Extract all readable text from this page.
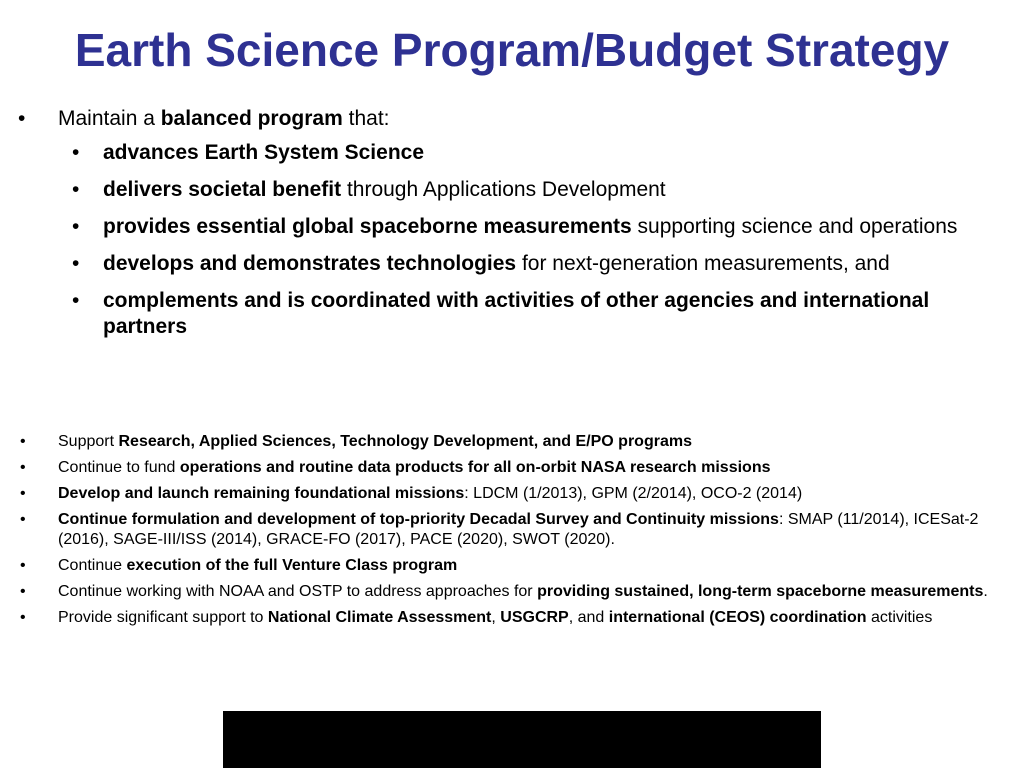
Earth Science Program/Budget Strategy
• Maintain a balanced program that:
• advances Earth System Science
• delivers societal benefit through Applications Development
• provides essential global spaceborne measurements supporting science and operations
• develops and demonstrates technologies for next-generation measurements, and
• complements and is coordinated with activities of other agencies and international partners
• Support Research, Applied Sciences, Technology Development, and E/PO programs
• Continue to fund operations and routine data products for all on-orbit NASA research missions
• Develop and launch remaining foundational missions: LDCM (1/2013), GPM (2/2014), OCO-2 (2014)
• Continue formulation and development of top-priority Decadal Survey and Continuity missions: SMAP (11/2014), ICESat-2 (2016), SAGE-III/ISS (2014), GRACE-FO (2017), PACE (2020), SWOT (2020).
• Continue execution of the full Venture Class program
• Continue working with NOAA and OSTP to address approaches for providing sustained, long-term spaceborne measurements.
• Provide significant support to National Climate Assessment, USGCRP, and international (CEOS) coordination activities
